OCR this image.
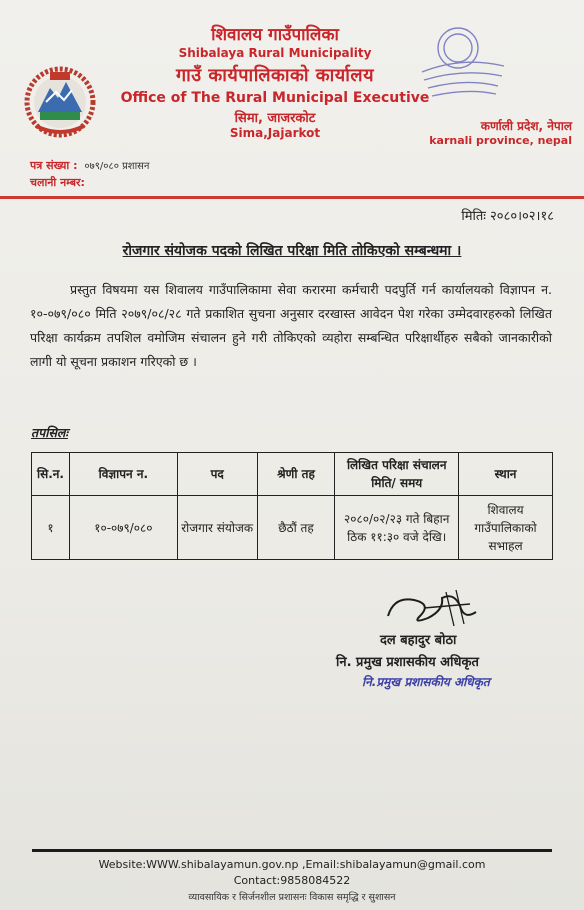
शिवालय गाउँपालिका
Shibalaya Rural Municipality
गाउँ कार्यपालिकाको कार्यालय
Office of The Rural Municipal Executive
सिमा, जाजरकोट
Sima,Jajarkot	कर्णाली प्रदेश, नेपाल
karnali province, nepal
पत्र संख्या : ०७९/०८० प्रशासन
चलानी नम्बर:
मितिः २०८०।०२।१८
रोजगार संयोजक पदको लिखित परिक्षा मिति तोकिएको सम्बन्धमा ।

प्रस्तुत विषयमा यस शिवालय गाउँपालिकामा सेवा करारमा कर्मचारी पदपुर्ति गर्न कार्यालयको विज्ञापन न. १०-०७९/०८० मिति २०७९/०८/२८ गते प्रकाशित सुचना अनुसार दरखास्त आवेदन पेश गरेका उम्मेदवारहरुको लिखित परिक्षा कार्यक्रम तपशिल वमोजिम संचालन हुने गरी तोकिएको व्यहोरा सम्बन्धित परिक्षार्थीहरु सबैको जानकारीको लागी यो सूचना प्रकाशन गरिएको छ ।

तपसिलः
सि.न.	विज्ञापन न.	पद	श्रेणी तह	लिखित परिक्षा संचालन मिति/ समय	स्थान
१	१०-०७९/०८०	रोजगार संयोजक	छैठौं तह	२०८०/०२/२३ गते बिहान ठिक ११:३० वजे देखि।	शिवालय गाउँपालिकाको सभाहल
दल बहादुर बोठा
नि. प्रमुख प्रशासकीय अधिकृत
नि.प्रमुख प्रशासकीय अधिकृत
Website:WWW.shibalayamun.gov.np ,Email:shibalayamun@gmail.com
Contact:9858084522
व्यावसायिक र सिर्जनशील प्रशासनः विकास समृद्धि र सुशासन
